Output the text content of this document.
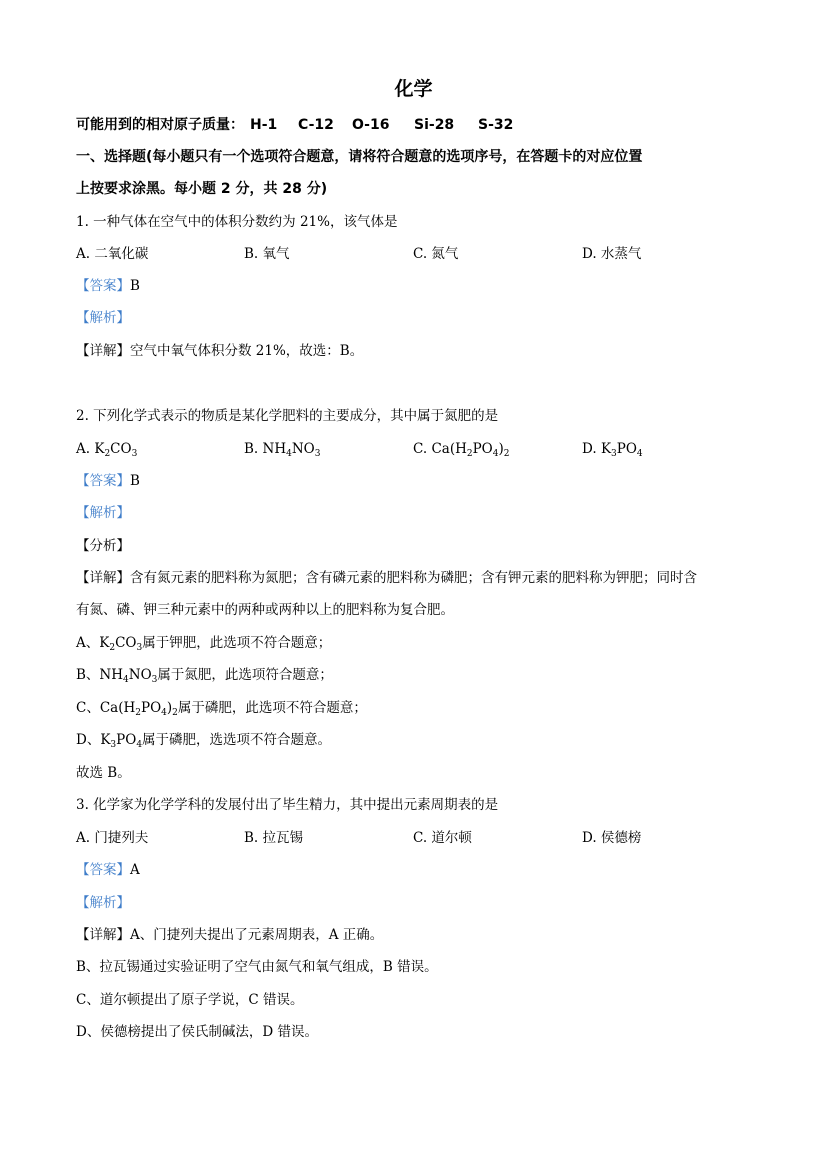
化学
可能用到的相对原子质量： H-1 C-12 O-16 Si-28 S-32
一、选择题(每小题只有一个选项符合题意，请将符合题意的选项序号，在答题卡的对应位置
上按要求涂黑。每小题 2 分，共 28 分)
1. 一种气体在空气中的体积分数约为 21%，该气体是
A. 二氧化碳	B. 氧气	C. 氮气	D. 水蒸气
【答案】B
【解析】
【详解】空气中氧气体积分数 21%，故选：B。
2. 下列化学式表示的物质是某化学肥料的主要成分，其中属于氮肥的是
A. $K_2CO_3$	B. $NH_4NO_3$	C. $Ca(H_2PO_4)_2$	D. $K_3PO_4$
【答案】B
【解析】
【分析】
【详解】含有氮元素的肥料称为氮肥；含有磷元素的肥料称为磷肥；含有钾元素的肥料称为钾肥；同时含
有氮、磷、钾三种元素中的两种或两种以上的肥料称为复合肥。
A、$K_2CO_3$属于钾肥，此选项不符合题意；
B、$NH_4NO_3$属于氮肥，此选项符合题意；
C、$Ca(H_2PO_4)_2$属于磷肥，此选项不符合题意；
D、$K_3PO_4$属于磷肥，选选项不符合题意。
故选 B。
3. 化学家为化学学科的发展付出了毕生精力，其中提出元素周期表的是
A. 门捷列夫	B. 拉瓦锡	C. 道尔顿	D. 侯德榜
【答案】A
【解析】
【详解】A、门捷列夫提出了元素周期表，A 正确。
B、拉瓦锡通过实验证明了空气由氮气和氧气组成，B 错误。
C、道尔顿提出了原子学说，C 错误。
D、侯德榜提出了侯氏制碱法，D 错误。
